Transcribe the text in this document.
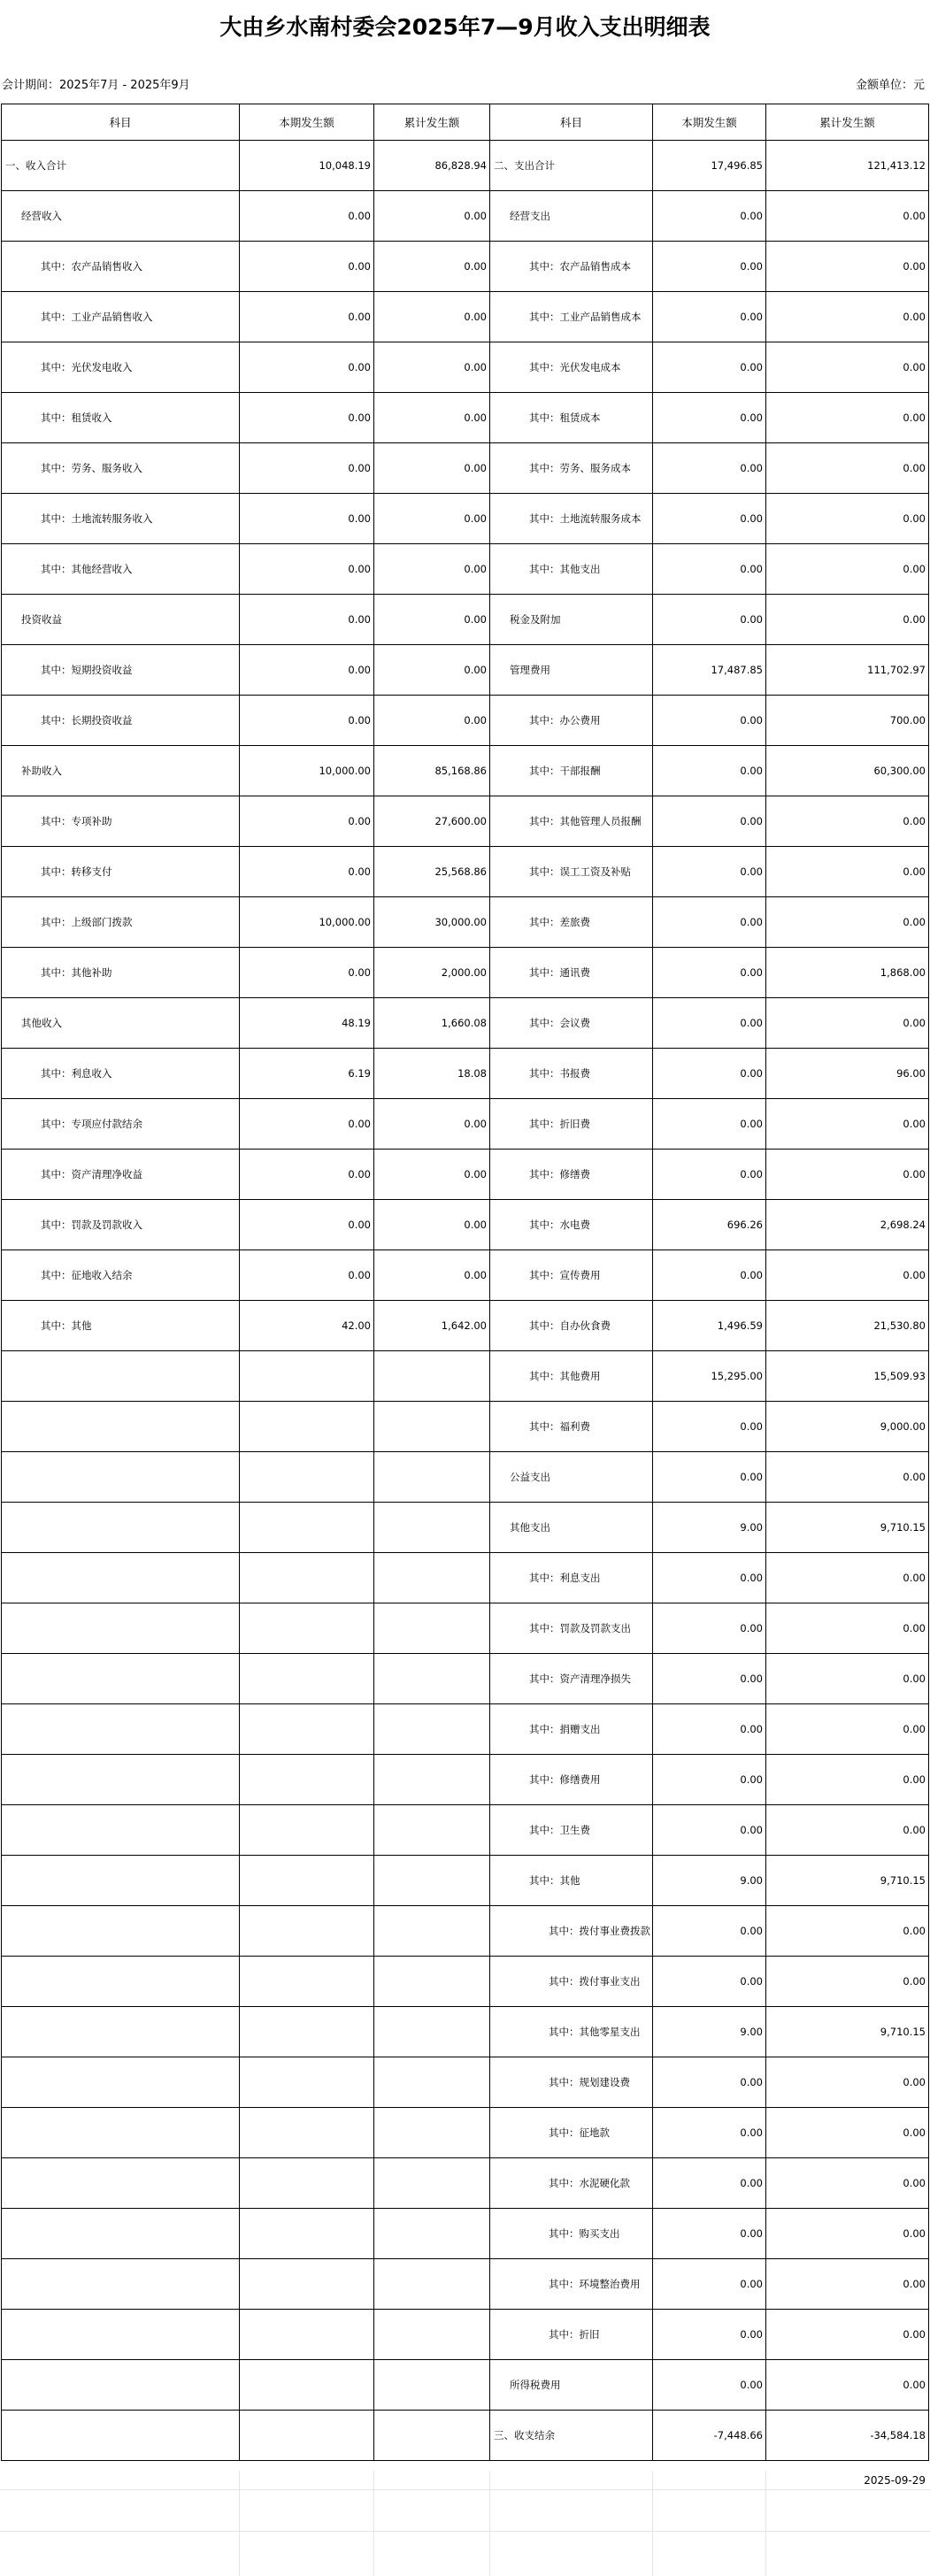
大由乡水南村委会2025年7—9月收入支出明细表
会计期间：2025年7月 - 2025年9月	金额单位：元
科目	本期发生额	累计发生额	科目	本期发生额	累计发生额
一、收入合计	10,048.19	86,828.94	二、支出合计	17,496.85	121,413.12
经营收入	0.00	0.00	经营支出	0.00	0.00
其中：农产品销售收入	0.00	0.00	其中：农产品销售成本	0.00	0.00
其中：工业产品销售收入	0.00	0.00	其中：工业产品销售成本	0.00	0.00
其中：光伏发电收入	0.00	0.00	其中：光伏发电成本	0.00	0.00
其中：租赁收入	0.00	0.00	其中：租赁成本	0.00	0.00
其中：劳务、服务收入	0.00	0.00	其中：劳务、服务成本	0.00	0.00
其中：土地流转服务收入	0.00	0.00	其中：土地流转服务成本	0.00	0.00
其中：其他经营收入	0.00	0.00	其中：其他支出	0.00	0.00
投资收益	0.00	0.00	税金及附加	0.00	0.00
其中：短期投资收益	0.00	0.00	管理费用	17,487.85	111,702.97
其中：长期投资收益	0.00	0.00	其中：办公费用	0.00	700.00
补助收入	10,000.00	85,168.86	其中：干部报酬	0.00	60,300.00
其中：专项补助	0.00	27,600.00	其中：其他管理人员报酬	0.00	0.00
其中：转移支付	0.00	25,568.86	其中：误工工资及补贴	0.00	0.00
其中：上级部门拨款	10,000.00	30,000.00	其中：差旅费	0.00	0.00
其中：其他补助	0.00	2,000.00	其中：通讯费	0.00	1,868.00
其他收入	48.19	1,660.08	其中：会议费	0.00	0.00
其中：利息收入	6.19	18.08	其中：书报费	0.00	96.00
其中：专项应付款结余	0.00	0.00	其中：折旧费	0.00	0.00
其中：资产清理净收益	0.00	0.00	其中：修缮费	0.00	0.00
其中：罚款及罚款收入	0.00	0.00	其中：水电费	696.26	2,698.24
其中：征地收入结余	0.00	0.00	其中：宣传费用	0.00	0.00
其中：其他	42.00	1,642.00	其中：自办伙食费	1,496.59	21,530.80
			其中：其他费用	15,295.00	15,509.93
			其中：福利费	0.00	9,000.00
			公益支出	0.00	0.00
			其他支出	9.00	9,710.15
			其中：利息支出	0.00	0.00
			其中：罚款及罚款支出	0.00	0.00
			其中：资产清理净损失	0.00	0.00
			其中：捐赠支出	0.00	0.00
			其中：修缮费用	0.00	0.00
			其中：卫生费	0.00	0.00
			其中：其他	9.00	9,710.15
			其中：拨付事业费拨款	0.00	0.00
			其中：拨付事业支出	0.00	0.00
			其中：其他零星支出	9.00	9,710.15
			其中：规划建设费	0.00	0.00
			其中：征地款	0.00	0.00
			其中：水泥硬化款	0.00	0.00
			其中：购买支出	0.00	0.00
			其中：环境整治费用	0.00	0.00
			其中：折旧	0.00	0.00
			所得税费用	0.00	0.00
			三、收支结余	-7,448.66	-34,584.18
2025-09-29
